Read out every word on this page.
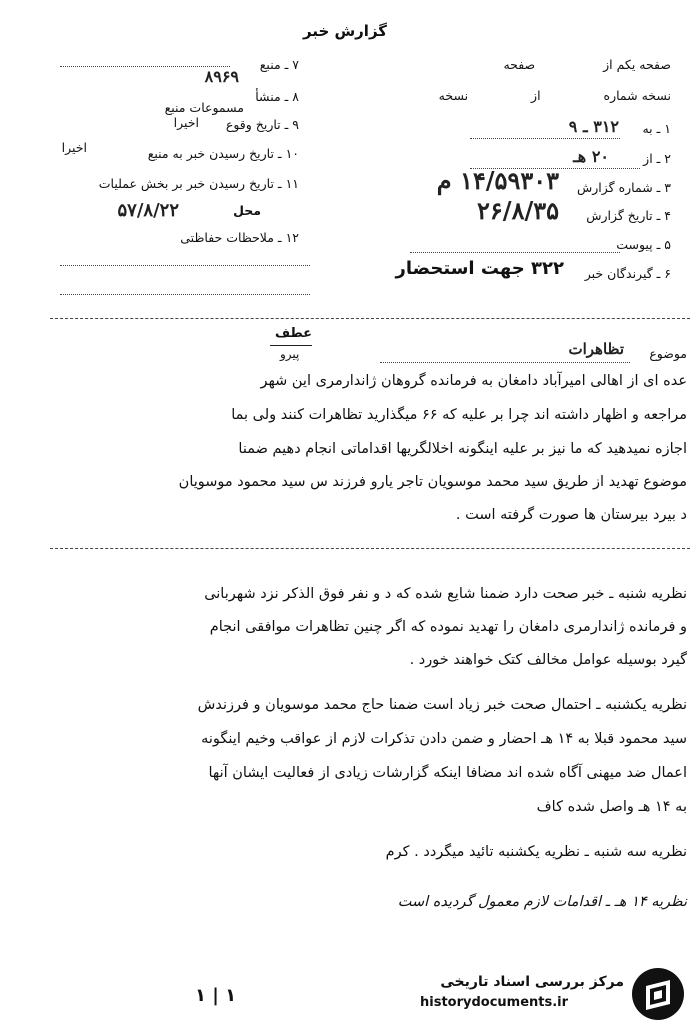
گزارش خبر
صفحه یکم از  صفحه
نسخه شماره  از  نسخه
۱ ـ به
۳۱۲ ـ ۹
۲ ـ از
۲۰ هـ
۳ ـ شماره گزارش
۱۴/۵۹۳۰۳ م
۴ ـ تاریخ گزارش
۲۶/۸/۳۵
۵ ـ پیوست
۶ ـ گیرندگان خبر
۳۲۲ جهت استحضار
۷ ـ منبع
۸۹۶۹
۸ ـ منشأ
مسموعات منبع
۹ ـ تاریخ وقوع
اخیرا
۱۰ ـ تاریخ رسیدن خبر به منبع
اخیرا
۱۱ ـ تاریخ رسیدن خبر بر بخش عملیات
محل
۵۷/۸/۲۲
۱۲ ـ ملاحظات حفاظتی
عطف
پیرو	موضوع
تظاهرات
عده ای از اهالی امیرآباد دامغان به فرمانده گروهان ژاندارمری این شهر
مراجعه و اظهار داشته اند چرا بر علیه که ۶۶ میگذارید تظاهرات کنند ولی بما
اجازه نمیدهید که ما نیز بر علیه اینگونه اخلالگریها اقداماتی انجام دهیم ضمنا
موضوع تهدید از طریق سید محمد موسویان تاجر یارو فرزند س سید محمود موسویان
د بیرد بیرستان ها صورت گرفته است .
نظریه شنبه ـ خبر صحت دارد ضمنا شایع شده که د و نفر فوق الذکر نزد شهربانی
و فرمانده ژاندارمری دامغان را تهدید نموده که اگر چنین تظاهرات موافقی انجام
گیرد بوسیله عوامل مخالف کتک خواهند خورد .
نظریه یکشنبه ـ احتمال صحت خبر زیاد است ضمنا حاج محمد موسویان و فرزندش
سید محمود قبلا به ۱۴ هـ احضار و ضمن دادن تذکرات لازم از عواقب وخیم اینگونه
اعمال ضد میهنی آگاه شده اند مضافا اینکه گزارشات زیادی از فعالیت ایشان آنها
به ۱۴ هـ واصل شده کاف
نظریه سه شنبه ـ نظریه یکشنبه تائید میگردد . کرم
نظریه ۱۴ هـ ـ اقدامات لازم معمول گردیده است
۱ | ۱
مرکز بررسی اسناد تاریخی
historydocuments.ir
